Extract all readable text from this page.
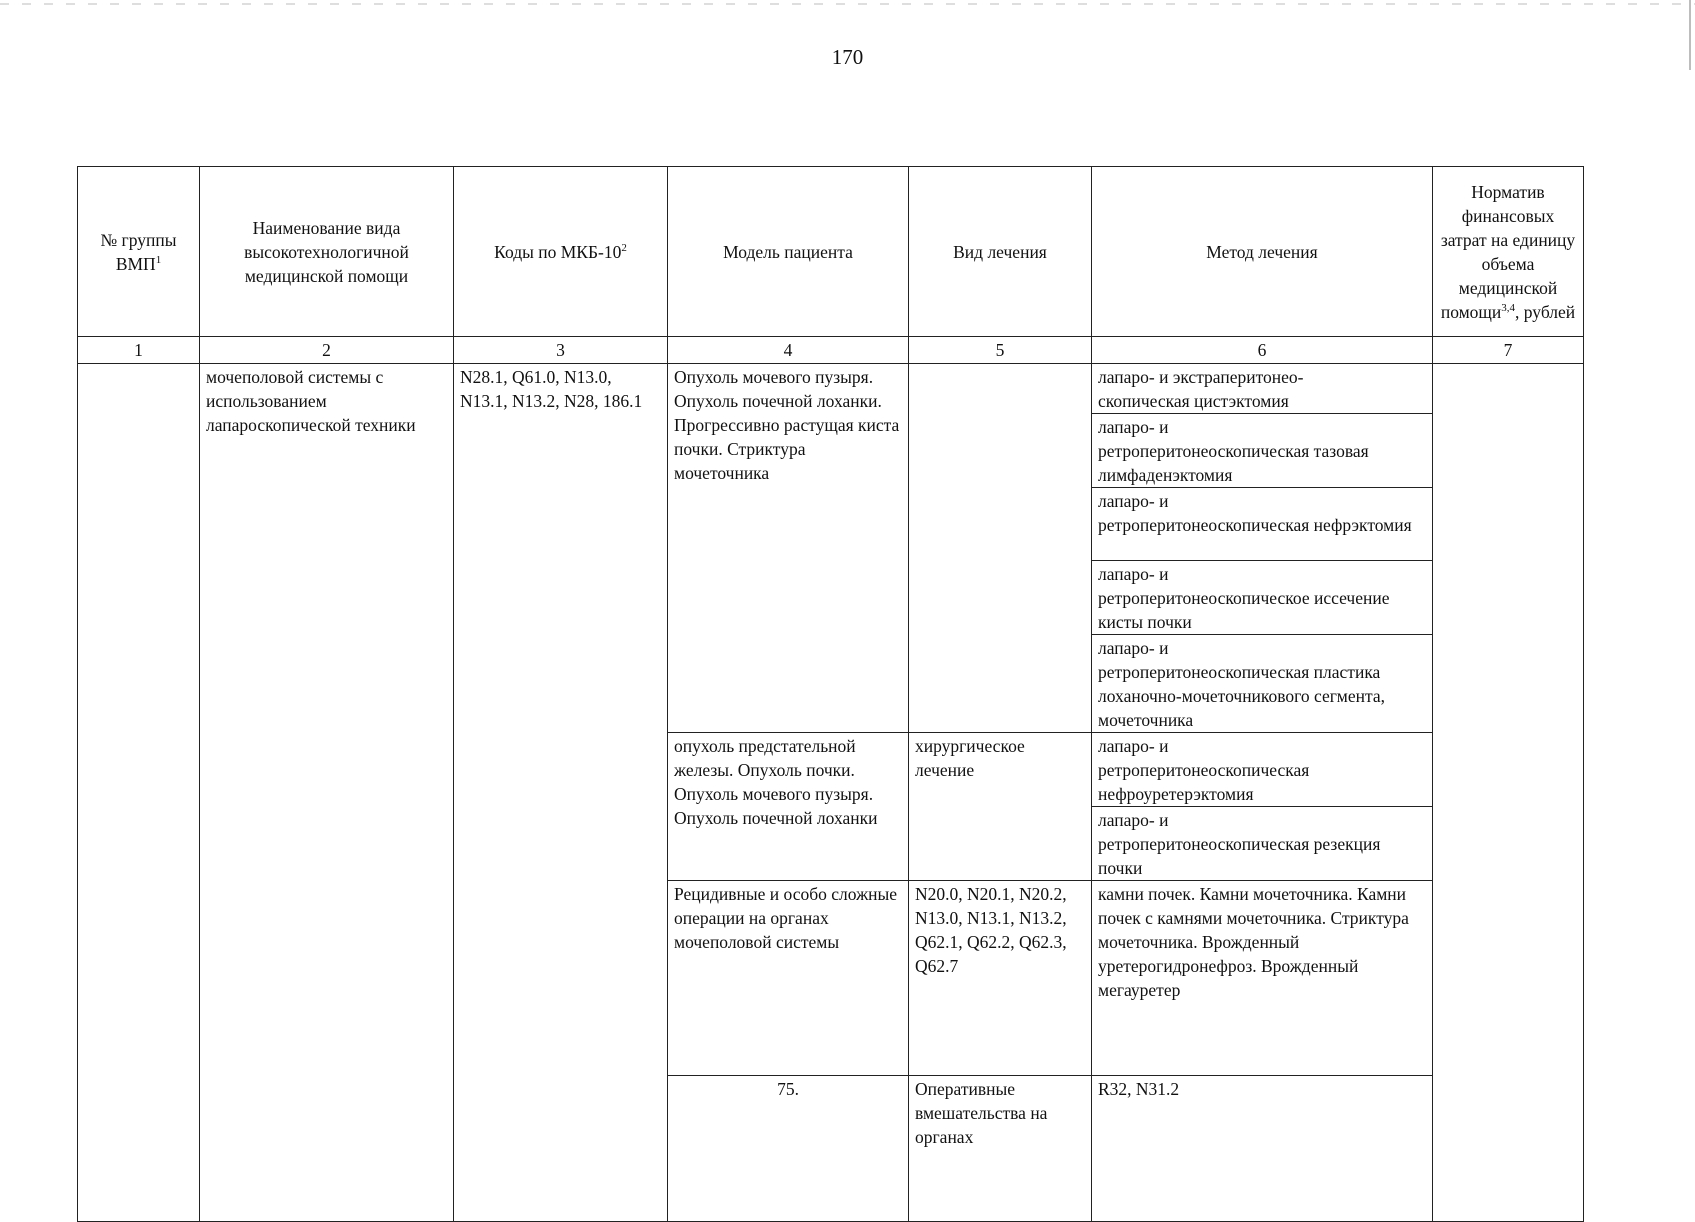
170
№ группы ВМП$^1$	Наименование вида высокотехнологичной медицинской помощи	Коды по МКБ-$10^2$	Модель пациента	Вид лечения	Метод лечения	Норматив финансовых затрат на единицу объема медицинской помощи$^{3,4}$, рублей	
1	2	3	4	5	6	7	
	мочеполовой системы с использованием лапароскопической техники	N28.1, Q61.0, N13.0, N13.1, N13.2, N28, 186.1	Опухоль мочевого пузыря. Опухоль почечной лоханки. Прогрессивно растущая киста почки. Стриктура мочеточника		лапаро- и экстраперитонео-
скопическая цистэктомия		
					лапаро- и
ретроперитонеоскопическая тазовая лимфаденэктомия		
					лапаро- и
ретроперитонеоскопическая нефрэктомия		
					лапаро- и
ретроперитонеоскопическое иссечение кисты почки		
					лапаро- и
ретроперитонеоскопическая пластика лоханочно-мочеточникового сегмента, мочеточника		
			опухоль предстательной железы. Опухоль почки. Опухоль мочевого пузыря. Опухоль почечной лоханки	хирургическое лечение	лапаро- и
ретроперитонеоскопическая нефроуретерэктомия		
					лапаро- и
ретроперитонеоскопическая резекция почки		
			Рецидивные и особо сложные операции на органах мочеполовой системы	N20.0, N20.1, N20.2, N13.0, N13.1, N13.2, Q62.1, Q62.2, Q62.3, Q62.7	камни почек. Камни мочеточника. Камни почек с камнями мочеточника. Стриктура мочеточника. Врожденный уретерогидронефроз. Врожденный мегауретер			
			75.	Оперативные вмешательства на органах	R32, N31.2				
